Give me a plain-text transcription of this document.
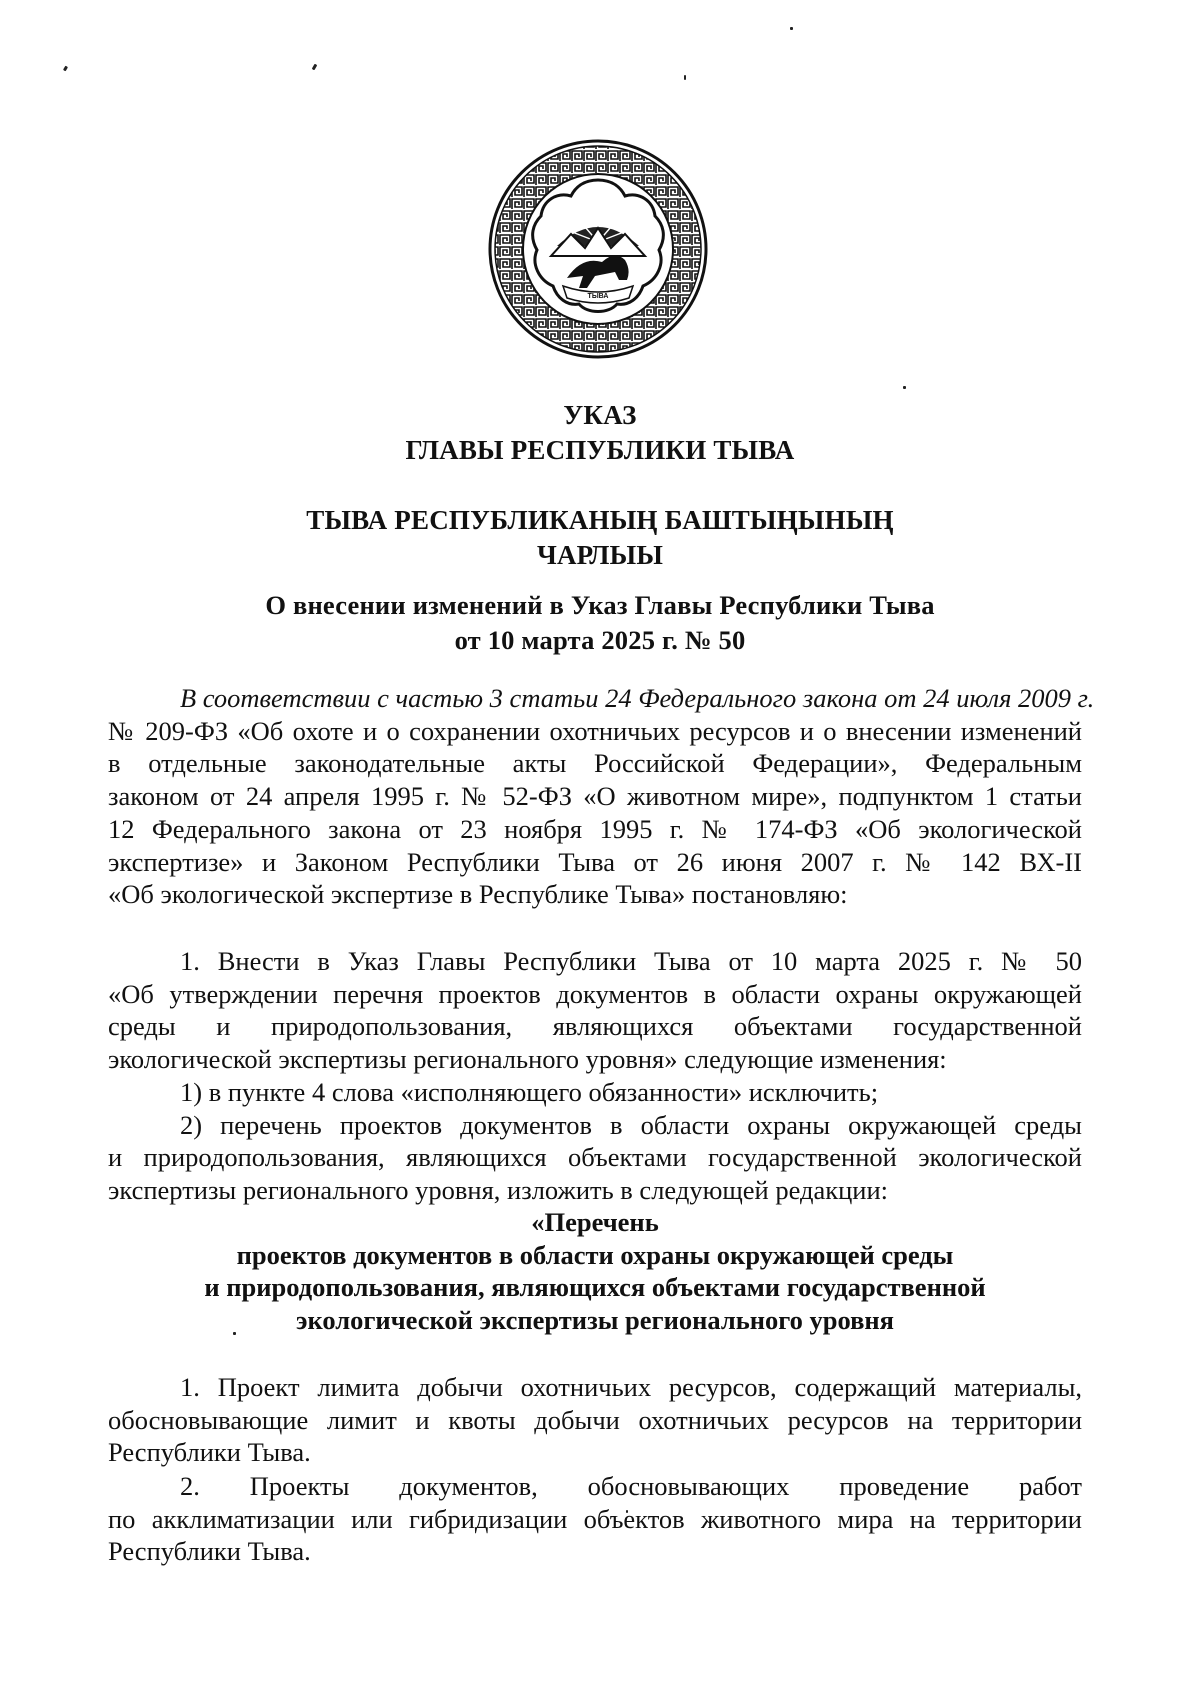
ТЫВА
УКАЗ
ГЛАВЫ РЕСПУБЛИКИ ТЫВА
ТЫВА РЕСПУБЛИКАНЫҢ БАШТЫҢЫНЫҢ
ЧАРЛЫЫ
О внесении изменений в Указ Главы Республики Тыва
от 10 марта 2025 г. № 50
В соответствии с частью 3 статьи 24 Федерального закона от 24 июля 2009 г.
№ 209-ФЗ «Об охоте и о сохранении охотничьих ресурсов и о внесении изменений
в отдельные законодательные акты Российской Федерации», Федеральным
законом от 24 апреля 1995 г. № 52-ФЗ «О животном мире», подпунктом 1 статьи
12 Федерального закона от 23 ноября 1995 г. № 174-ФЗ «Об экологической
экспертизе» и Законом Республики Тыва от 26 июня 2007 г. № 142 ВХ-II
«Об экологической экспертизе в Республике Тыва» постановляю:
1. Внести в Указ Главы Республики Тыва от 10 марта 2025 г. № 50
«Об утверждении перечня проектов документов в области охраны окружающей
среды и природопользования, являющихся объектами государственной
экологической экспертизы регионального уровня» следующие изменения:
1) в пункте 4 слова «исполняющего обязанности» исключить;
2) перечень проектов документов в области охраны окружающей среды
и природопользования, являющихся объектами государственной экологической
экспертизы регионального уровня, изложить в следующей редакции:
«Перечень
проектов документов в области охраны окружающей среды
и природопользования, являющихся объектами государственной
экологической экспертизы регионального уровня
1. Проект лимита добычи охотничьих ресурсов, содержащий материалы,
обосновывающие лимит и квоты добычи охотничьих ресурсов на территории
Республики Тыва.
2. Проекты документов, обосновывающих проведение работ
по акклиматизации или гибридизации объектов животного мира на территории
Республики Тыва.
